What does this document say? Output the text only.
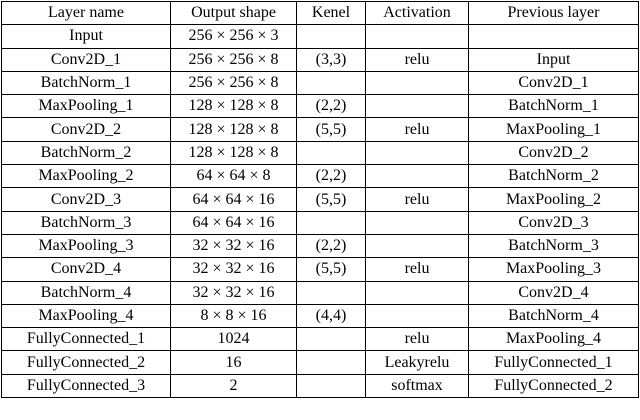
Layer name	Output shape	Kenel	Activation	Previous layer
Input	256 × 256 × 3			
Conv2D_1	256 × 256 × 8	(3,3)	relu	Input
BatchNorm_1	256 × 256 × 8			Conv2D_1
MaxPooling_1	128 × 128 × 8	(2,2)		BatchNorm_1
Conv2D_2	128 × 128 × 8	(5,5)	relu	MaxPooling_1
BatchNorm_2	128 × 128 × 8			Conv2D_2
MaxPooling_2	64 × 64 × 8	(2,2)		BatchNorm_2
Conv2D_3	64 × 64 × 16	(5,5)	relu	MaxPooling_2
BatchNorm_3	64 × 64 × 16			Conv2D_3
MaxPooling_3	32 × 32 × 16	(2,2)		BatchNorm_3
Conv2D_4	32 × 32 × 16	(5,5)	relu	MaxPooling_3
BatchNorm_4	32 × 32 × 16			Conv2D_4
MaxPooling_4	8 × 8 × 16	(4,4)		BatchNorm_4
FullyConnected_1	1024		relu	MaxPooling_4
FullyConnected_2	16		Leakyrelu	FullyConnected_1
FullyConnected_3	2		softmax	FullyConnected_2
